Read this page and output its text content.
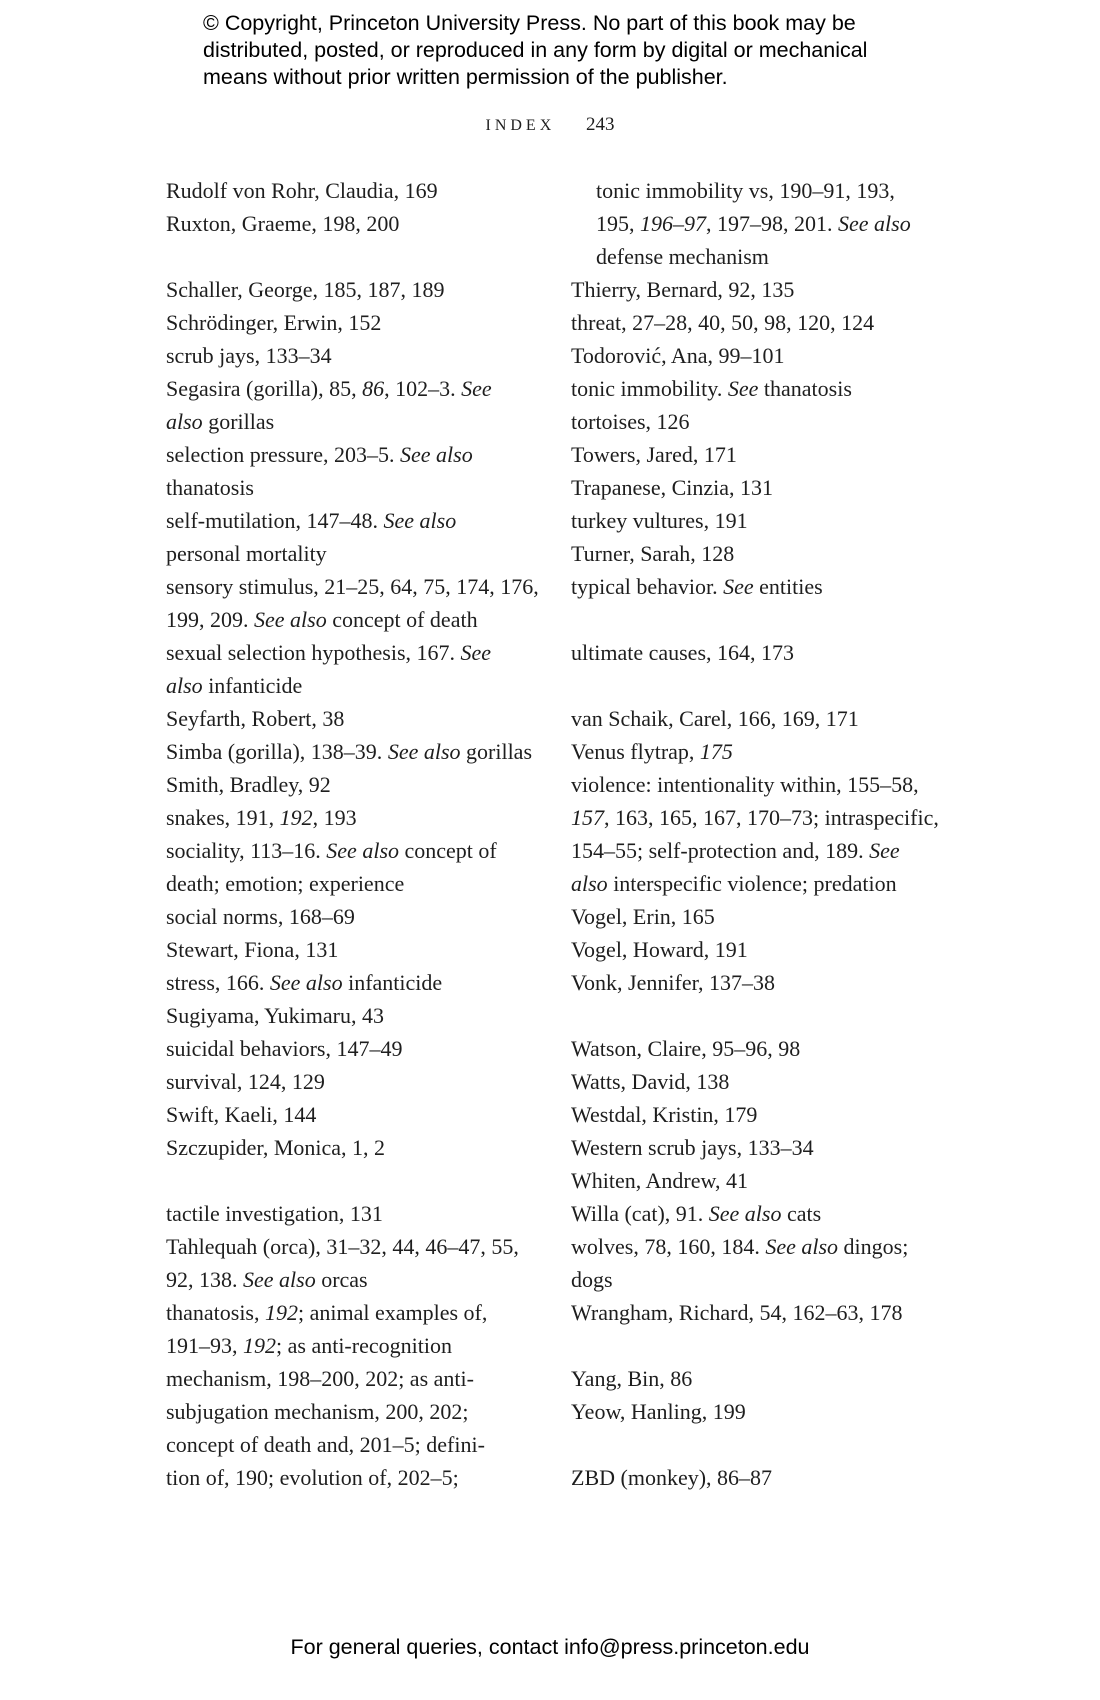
© Copyright, Princeton University Press. No part of this book may be
distributed, posted, or reproduced in any form by digital or mechanical
means without prior written permission of the publisher.
INDEX 243
Rudolf von Rohr, Claudia, 169
Ruxton, Graeme, 198, 200
Schaller, George, 185, 187, 189
Schrödinger, Erwin, 152
scrub jays, 133–34
Segasira (gorilla), 85, 86, 102–3. See
also gorillas
selection pressure, 203–5. See also
thanatosis
self-mutilation, 147–48. See also
personal mortality
sensory stimulus, 21–25, 64, 75, 174, 176,
199, 209. See also concept of death
sexual selection hypothesis, 167. See
also infanticide
Seyfarth, Robert, 38
Simba (gorilla), 138–39. See also gorillas
Smith, Bradley, 92
snakes, 191, 192, 193
sociality, 113–16. See also concept of
death; emotion; experience
social norms, 168–69
Stewart, Fiona, 131
stress, 166. See also infanticide
Sugiyama, Yukimaru, 43
suicidal behaviors, 147–49
survival, 124, 129
Swift, Kaeli, 144
Szczupider, Monica, 1, 2
tactile investigation, 131
Tahlequah (orca), 31–32, 44, 46–47, 55,
92, 138. See also orcas
thanatosis, 192; animal examples of,
191–93, 192; as anti-recognition
mechanism, 198–200, 202; as anti-
subjugation mechanism, 200, 202;
concept of death and, 201–5; defini-
tion of, 190; evolution of, 202–5;
tonic immobility vs, 190–91, 193,
195, 196–97, 197–98, 201. See also
defense mechanism
Thierry, Bernard, 92, 135
threat, 27–28, 40, 50, 98, 120, 124
Todorović, Ana, 99–101
tonic immobility. See thanatosis
tortoises, 126
Towers, Jared, 171
Trapanese, Cinzia, 131
turkey vultures, 191
Turner, Sarah, 128
typical behavior. See entities
ultimate causes, 164, 173
van Schaik, Carel, 166, 169, 171
Venus flytrap, 175
violence: intentionality within, 155–58,
157, 163, 165, 167, 170–73; intraspecific,
154–55; self-protection and, 189. See
also interspecific violence; predation
Vogel, Erin, 165
Vogel, Howard, 191
Vonk, Jennifer, 137–38
Watson, Claire, 95–96, 98
Watts, David, 138
Westdal, Kristin, 179
Western scrub jays, 133–34
Whiten, Andrew, 41
Willa (cat), 91. See also cats
wolves, 78, 160, 184. See also dingos;
dogs
Wrangham, Richard, 54, 162–63, 178
Yang, Bin, 86
Yeow, Hanling, 199
ZBD (monkey), 86–87
For general queries, contact info@press.princeton.edu
